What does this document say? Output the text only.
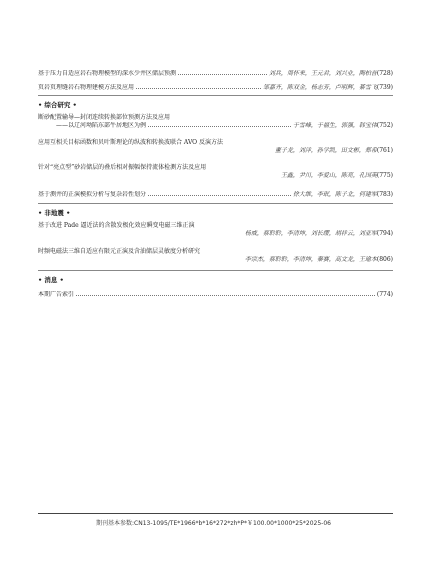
基于压力自适应岩石物理模型的深水少井区储层预测	刘兵，周怀来，王元君，刘兴业，陶柏吾 (728)
页岩页理缝岩石物理建模方法及应用	邹嘉齐，陈双金，杨志芳，卢明辉，綦雪飞 (739)
• 综合研究 •
断砂配置输导—封闭连续转换部位预测方法及应用
——以辽河坳陷东部牛居地区为例	于雪峰，于福生，郭强，韩宝伟 (752)
应用互相关目标函数和贝叶斯理论的纵波和转换波联合 AVO 反演方法
董子龙，刘洋，孙学凯，田文彬，郑希 (761)
针对“亮点型”砂岩储层的叠后相对振幅保持流体检测方法及应用
王鑫，尹川，李爱山，陈亮，孔国英 (775)
基于测井的正演模拟分析与复杂岩性划分	徐大维，李珉，陈子北，何建军 (783)
• 非地震 •
基于改进 Pade 逼近法的含散发极化效应瞬变电磁三维正演
杨威，蔡聆聆，李清坤，刘长缨，胡祥云，刘亚军 (794)
时频电磁法三维自适应有限元正演及含油储层灵敏度分析研究
李宗杰，蔡聆聆，李清坤，秦赛，高文龙，王瑜本 (806)
• 消息 •
本期广告索引	(774)
期刊基本参数:CN13-1095/TE*1966*b*16*272*zh*P*￥100.00*1000*25*2025-06
